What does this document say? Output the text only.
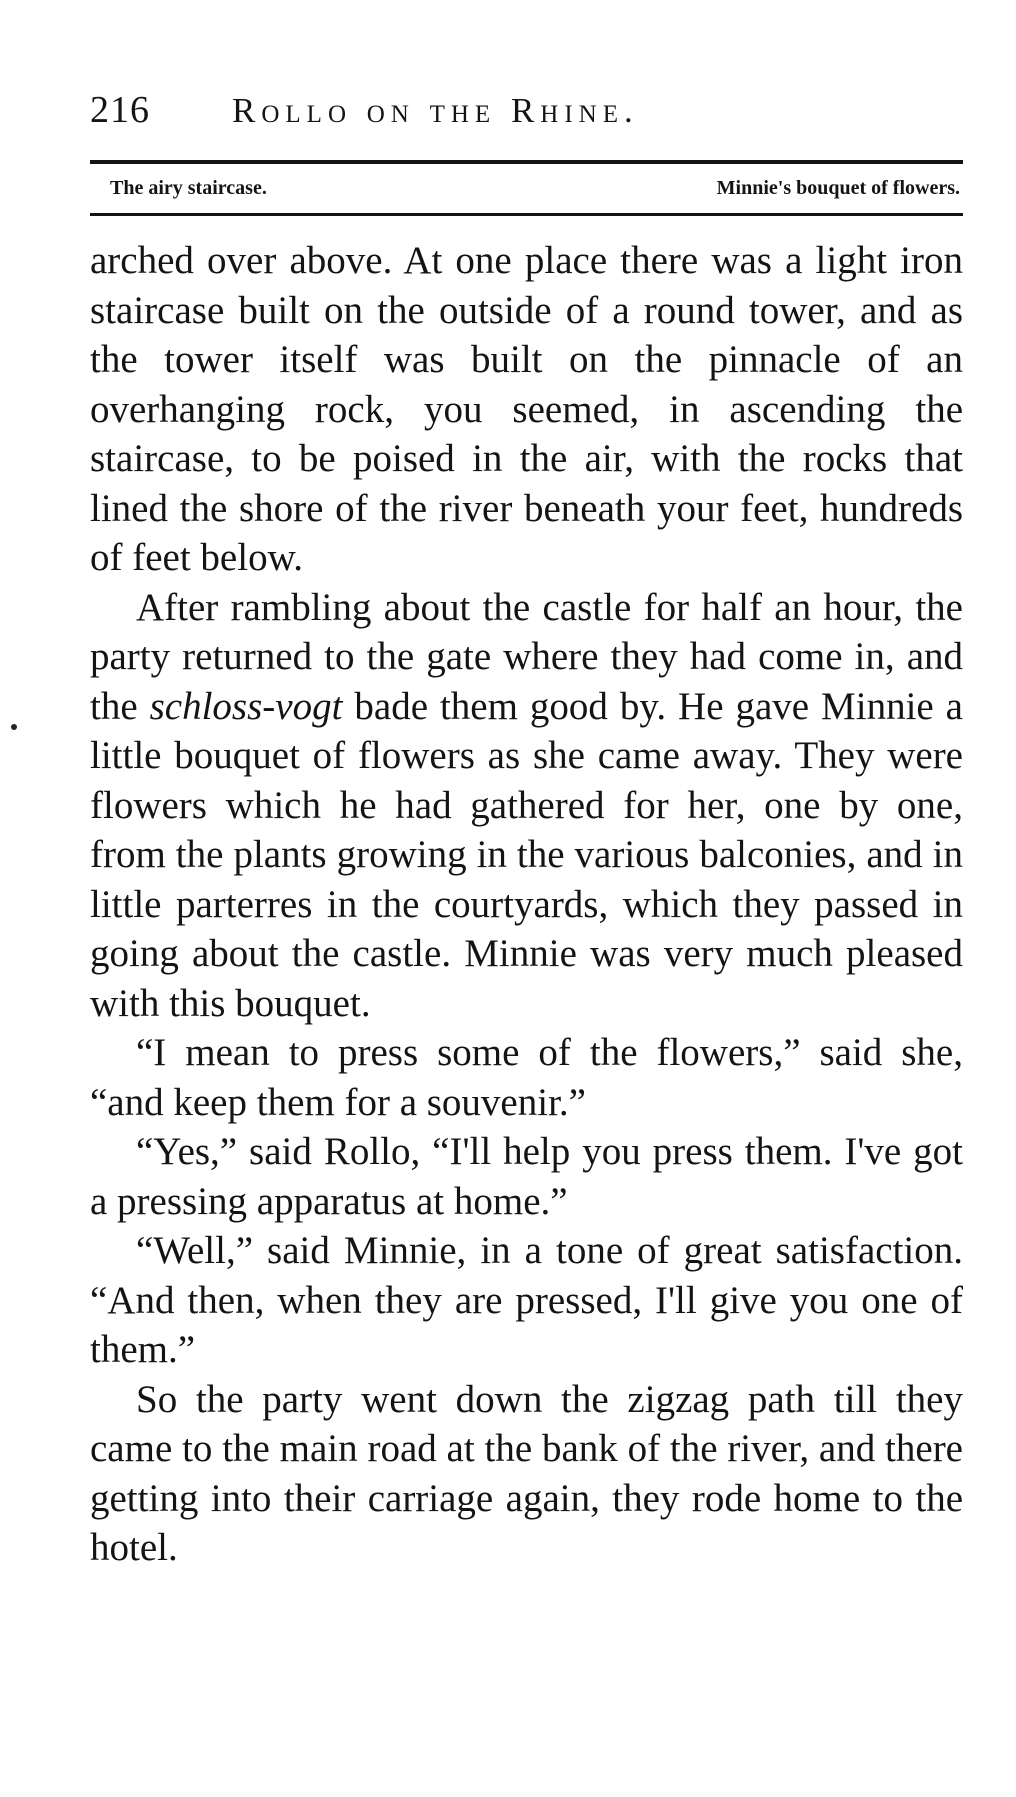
216 Rollo on the Rhine.
The airy staircase.	Minnie's bouquet of flowers.

arched over above. At one place there was a light iron staircase built on the outside of a round tower, and as the tower itself was built on the pinnacle of an overhanging rock, you seemed, in ascending the staircase, to be poised in the air, with the rocks that lined the shore of the river beneath your feet, hundreds of feet below.

After rambling about the castle for half an hour, the party returned to the gate where they had come in, and the schloss-vogt bade them good by. He gave Minnie a little bouquet of flowers as she came away. They were flowers which he had gathered for her, one by one, from the plants growing in the various balconies, and in little parterres in the courtyards, which they passed in going about the castle. Minnie was very much pleased with this bouquet.

“I mean to press some of the flowers,” said she, “and keep them for a souvenir.”

“Yes,” said Rollo, “I'll help you press them. I've got a pressing apparatus at home.”

“Well,” said Minnie, in a tone of great satisfaction. “And then, when they are pressed, I'll give you one of them.”

So the party went down the zigzag path till they came to the main road at the bank of the river, and there getting into their carriage again, they rode home to the hotel.
